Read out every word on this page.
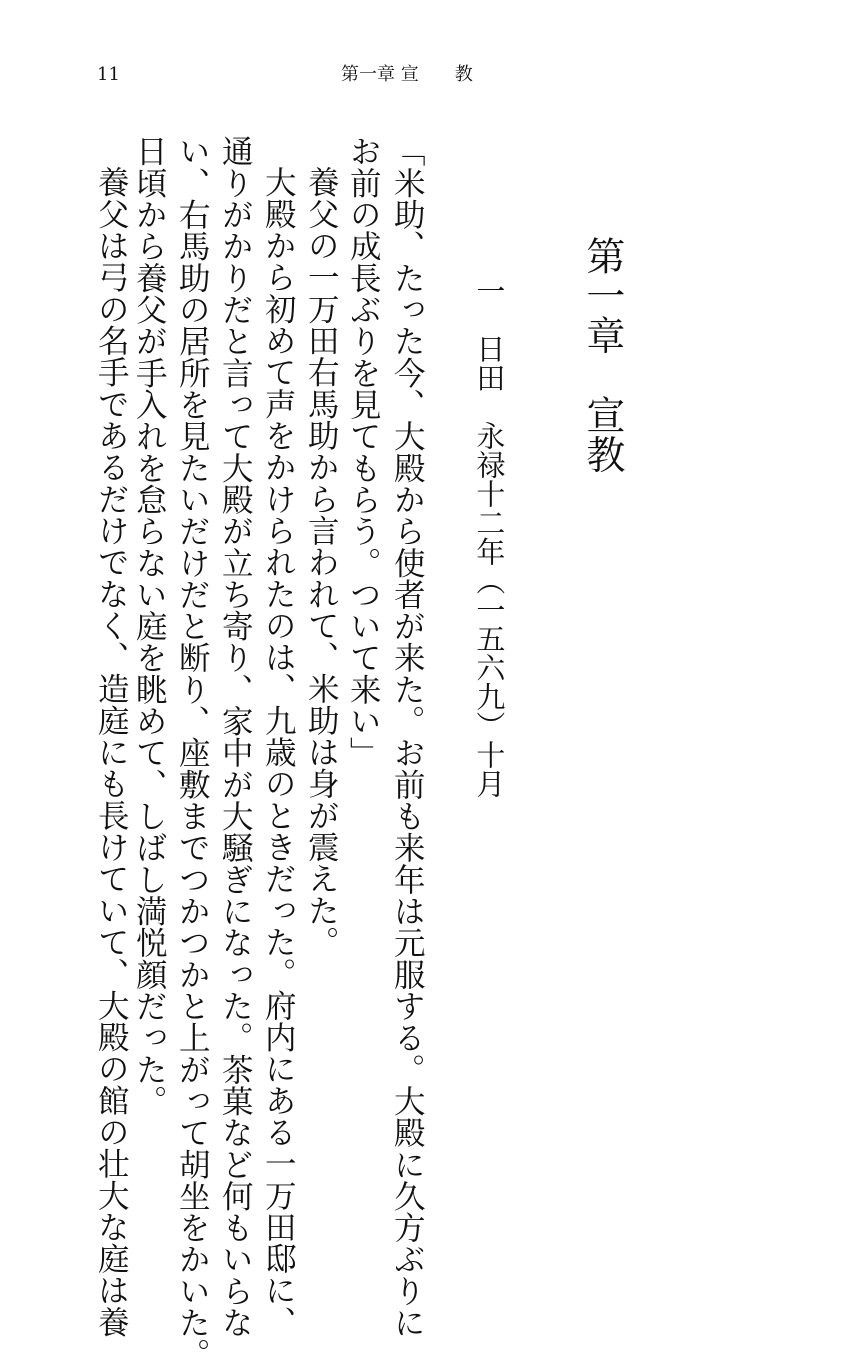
11	第一章 宣　　教
第一章　宣教
一　日田　永禄十二年（一五六九）十月
「米助、たった今、大殿から使者が来た。お前も来年は元服する。大殿に久方ぶりに
お前の成長ぶりを見てもらう。ついて来い」
養父の一万田右馬助から言われて、米助は身が震えた。
大殿から初めて声をかけられたのは、九歳のときだった。府内にある一万田邸に、
通りがかりだと言って大殿が立ち寄り、家中が大騒ぎになった。茶菓など何もいらな
い、右馬助の居所を見たいだけだと断り、座敷までつかつかと上がって胡坐をかいた。
日頃から養父が手入れを怠らない庭を眺めて、しばし満悦顔だった。
養父は弓の名手であるだけでなく、造庭にも長けていて、大殿の館の壮大な庭は養
